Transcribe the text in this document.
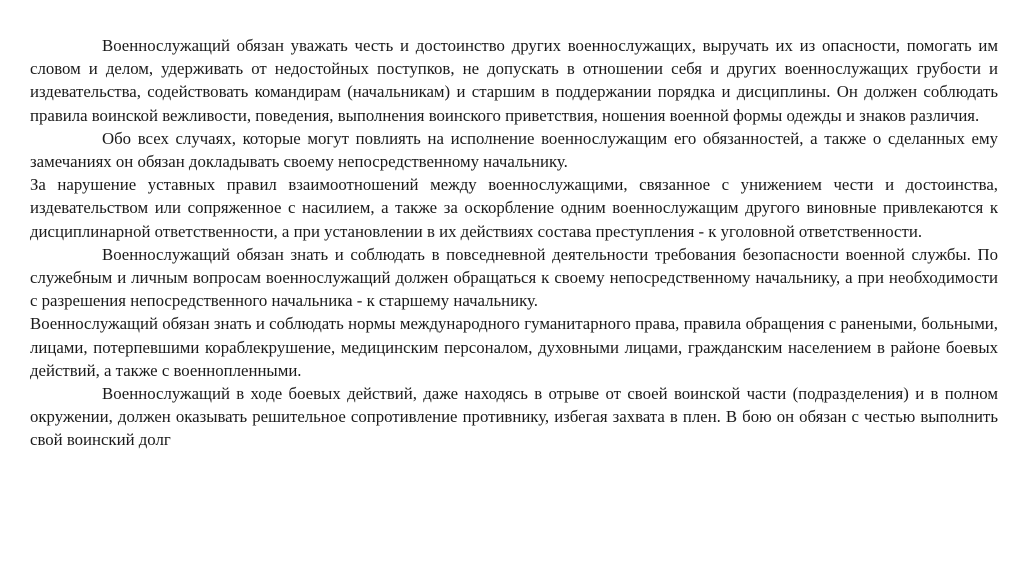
Военнослужащий обязан уважать честь и достоинство других военнослужащих, выручать их из опасности, помогать им словом и делом, удерживать от недостойных поступков, не допускать в отношении себя и других военнослужащих грубости и издевательства, содействовать командирам (начальникам) и старшим в поддержании порядка и дисциплины. Он должен соблюдать правила воинской вежливости, поведения, выполнения воинского приветствия, ношения военной формы одежды и знаков различия.

Обо всех случаях, которые могут повлиять на исполнение военнослужащим его обязанностей, а также о сделанных ему замечаниях он обязан докладывать своему непосредственному начальнику.

За нарушение уставных правил взаимоотношений между военнослужащими, связанное с унижением чести и достоинства, издевательством или сопряженное с насилием, а также за оскорбление одним военнослужащим другого виновные привлекаются к дисциплинарной ответственности, а при установлении в их действиях состава преступления - к уголовной ответственности.

Военнослужащий обязан знать и соблюдать в повседневной деятельности требования безопасности военной службы. По служебным и личным вопросам военнослужащий должен обращаться к своему непосредственному начальнику, а при необходимости с разрешения непосредственного начальника - к старшему начальнику.

Военнослужащий обязан знать и соблюдать нормы международного гуманитарного права, правила обращения с ранеными, больными, лицами, потерпевшими кораблекрушение, медицинским персоналом, духовными лицами, гражданским населением в районе боевых действий, а также с военнопленными.

Военнослужащий в ходе боевых действий, даже находясь в отрыве от своей воинской части (подразделения) и в полном окружении, должен оказывать решительное сопротивление противнику, избегая захвата в плен. В бою он обязан с честью выполнить свой воинский долг
